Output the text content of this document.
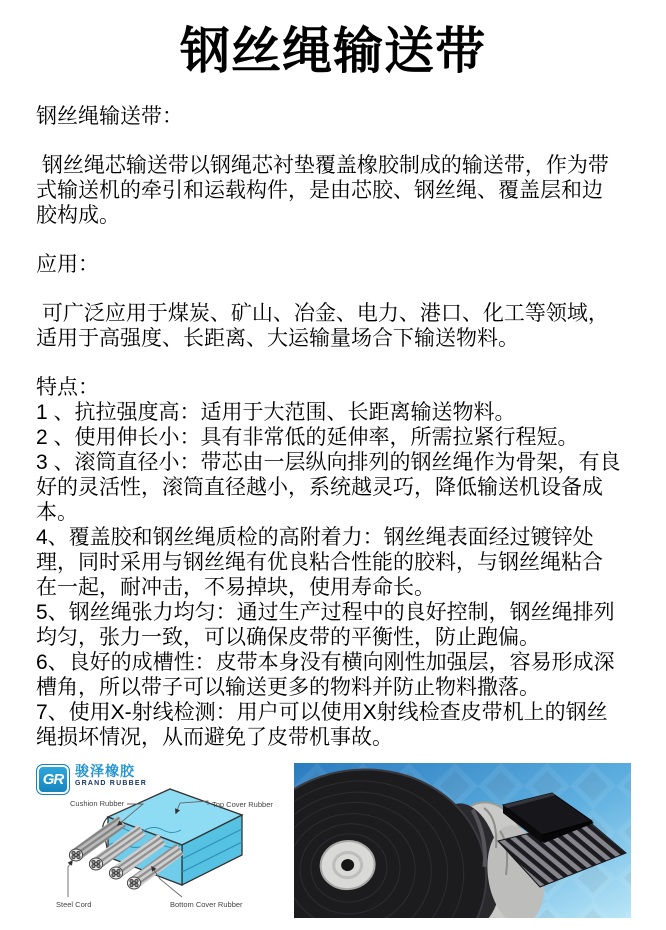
钢丝绳输送带

钢丝绳输送带：

钢丝绳芯输送带以钢绳芯衬垫覆盖橡胶制成的输送带，作为带式输送机的牵引和运载构件，是由芯胶、钢丝绳、覆盖层和边胶构成。

应用：

可广泛应用于煤炭、矿山、冶金、电力、港口、化工等领域，适用于高强度、长距离、大运输量场合下输送物料。

特点：

1 、抗拉强度高：适用于大范围、长距离输送物料。

2 、使用伸长小：具有非常低的延伸率，所需拉紧行程短。

3 、滚筒直径小：带芯由一层纵向排列的钢丝绳作为骨架，有良好的灵活性，滚筒直径越小，系统越灵巧，降低输送机设备成本。

4、覆盖胶和钢丝绳质检的高附着力：钢丝绳表面经过镀锌处理，同时采用与钢丝绳有优良粘合性能的胶料，与钢丝绳粘合在一起，耐冲击，不易掉块，使用寿命长。

5、钢丝绳张力均匀：通过生产过程中的良好控制，钢丝绳排列均匀，张力一致，可以确保皮带的平衡性，防止跑偏。

6、良好的成槽性：皮带本身没有横向刚性加强层，容易形成深槽角，所以带子可以输送更多的物料并防止物料撒落。

7、使用X-射线检测：用户可以使用X射线检查皮带机上的钢丝绳损坏情况，从而避免了皮带机事故。

GR 骏泽橡胶
GRAND RUBBER
Cushion Rubber	Top Cover Rubber
Steel Cord	Bottom Cover Rubber
